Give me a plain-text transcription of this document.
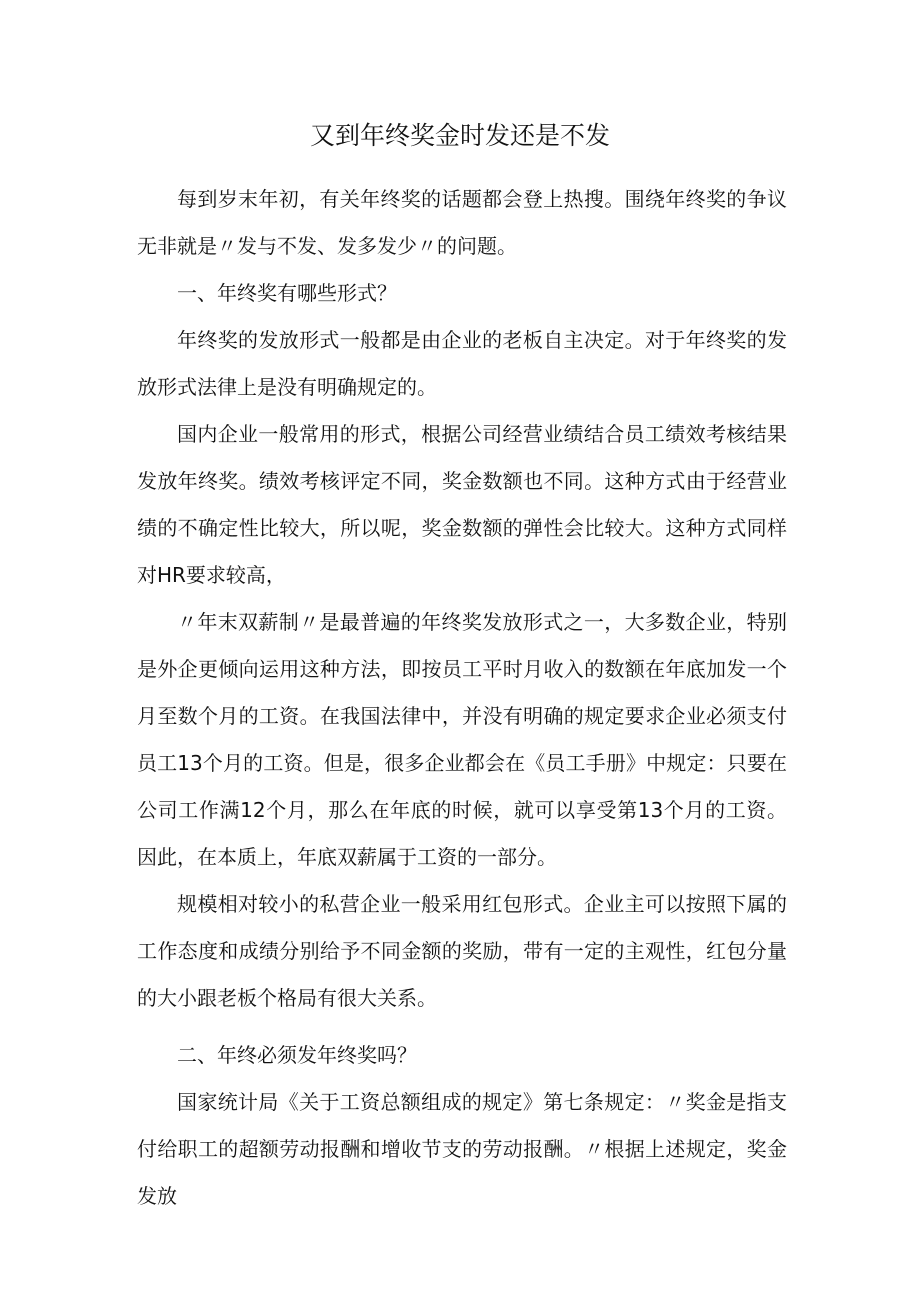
又到年终奖金时发还是不发

每到岁末年初，有关年终奖的话题都会登上热搜。围绕年终奖的争议无非就是〃发与不发、发多发少〃的问题。

一、年终奖有哪些形式？

年终奖的发放形式一般都是由企业的老板自主决定。对于年终奖的发放形式法律上是没有明确规定的。

国内企业一般常用的形式，根据公司经营业绩结合员工绩效考核结果发放年终奖。绩效考核评定不同，奖金数额也不同。这种方式由于经营业绩的不确定性比较大，所以呢，奖金数额的弹性会比较大。这种方式同样对HR要求较高，

〃年末双薪制〃是最普遍的年终奖发放形式之一，大多数企业，特别是外企更倾向运用这种方法，即按员工平时月收入的数额在年底加发一个月至数个月的工资。在我国法律中，并没有明确的规定要求企业必须支付员工13个月的工资。但是，很多企业都会在《员工手册》中规定：只要在公司工作满12个月，那么在年底的时候，就可以享受第13个月的工资。因此，在本质上，年底双薪属于工资的一部分。

规模相对较小的私营企业一般采用红包形式。企业主可以按照下属的工作态度和成绩分别给予不同金额的奖励，带有一定的主观性，红包分量的大小跟老板个格局有很大关系。

二、年终必须发年终奖吗？

国家统计局《关于工资总额组成的规定》第七条规定：〃奖金是指支付给职工的超额劳动报酬和增收节支的劳动报酬。〃根据上述规定，奖金发放
